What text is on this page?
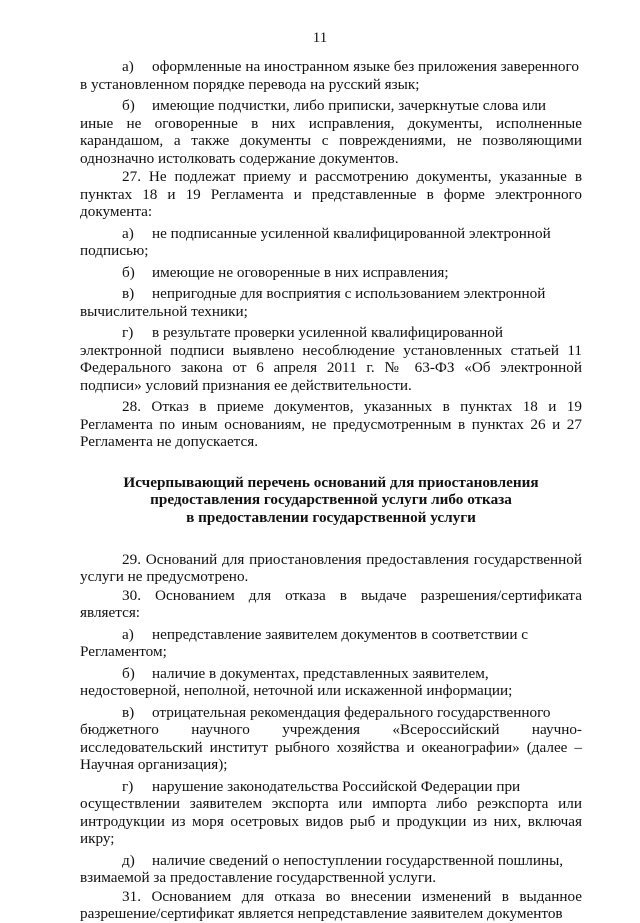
11
а)	оформленные на иностранном языке без приложения заверенного

в установленном порядке перевода на русский язык;

б)	имеющие подчистки, либо приписки, зачеркнутые слова или

иные не оговоренные в них исправления, документы, исполненные карандашом, а также документы с повреждениями, не позволяющими однозначно истолковать содержание документов.

27. Не подлежат приему и рассмотрению документы, указанные в пунктах 18 и 19 Регламента и представленные в форме электронного документа:

а)	не подписанные усиленной квалифицированной электронной

подписью;

б)	имеющие не оговоренные в них исправления;
в)	непригодные для восприятия с использованием электронной

вычислительной техники;

г)	в результате проверки усиленной квалифицированной

электронной подписи выявлено несоблюдение установленных статьей 11 Федерального закона от 6 апреля 2011 г. № 63-ФЗ «Об электронной подписи» условий признания ее действительности.

28. Отказ в приеме документов, указанных в пунктах 18 и 19 Регламента по иным основаниям, не предусмотренным в пунктах 26 и 27 Регламента не допускается.

Исчерпывающий перечень оснований для приостановления
предоставления государственной услуги либо отказа
в предоставлении государственной услуги

29. Оснований для приостановления предоставления государственной услуги не предусмотрено.

30. Основанием для отказа в выдаче разрешения/сертификата является:

а)	непредставление заявителем документов в соответствии с

Регламентом;

б)	наличие в документах, представленных заявителем,

недостоверной, неполной, неточной или искаженной информации;

в)	отрицательная рекомендация федерального государственного

бюджетного научного учреждения «Всероссийский научно-исследовательский институт рыбного хозяйства и океанографии» (далее – Научная организация);

г)	нарушение законодательства Российской Федерации при

осуществлении заявителем экспорта или импорта либо реэкспорта или интродукции из моря осетровых видов рыб и продукции из них, включая икру;

д)	наличие сведений о непоступлении государственной пошлины,

взимаемой за предоставление государственной услуги.

31. Основанием для отказа во внесении изменений в выданное разрешение/сертификат является непредставление заявителем документов
